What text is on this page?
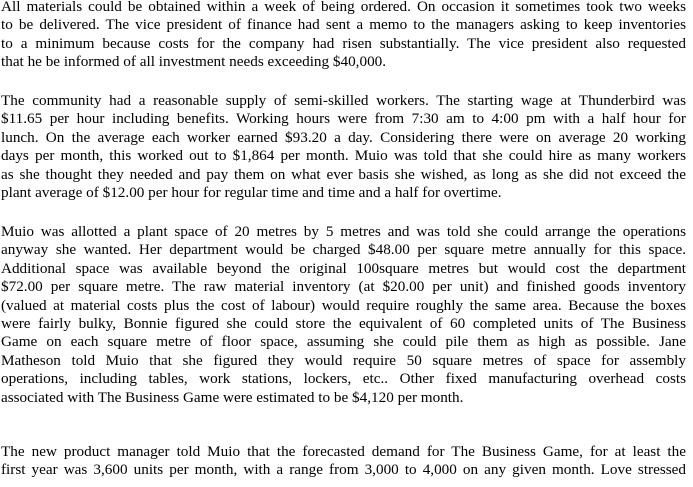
All materials could be obtained within a week of being ordered. On occasion it sometimes took two weeks
to be delivered. The vice president of finance had sent a memo to the managers asking to keep inventories
to a minimum because costs for the company had risen substantially. The vice president also requested
that he be informed of all investment needs exceeding $40,000.
The community had a reasonable supply of semi-skilled workers. The starting wage at Thunderbird was
$11.65 per hour including benefits. Working hours were from 7:30 am to 4:00 pm with a half hour for
lunch. On the average each worker earned $93.20 a day. Considering there were on average 20 working
days per month, this worked out to $1,864 per month. Muio was told that she could hire as many workers
as she thought they needed and pay them on what ever basis she wished, as long as she did not exceed the
plant average of $12.00 per hour for regular time and time and a half for overtime.
Muio was allotted a plant space of 20 metres by 5 metres and was told she could arrange the operations
anyway she wanted. Her department would be charged $48.00 per square metre annually for this space.
Additional space was available beyond the original 100square metres but would cost the department
$72.00 per square metre. The raw material inventory (at $20.00 per unit) and finished goods inventory
(valued at material costs plus the cost of labour) would require roughly the same area. Because the boxes
were fairly bulky, Bonnie figured she could store the equivalent of 60 completed units of The Business
Game on each square metre of floor space, assuming she could pile them as high as possible. Jane
Matheson told Muio that she figured they would require 50 square metres of space for assembly
operations, including tables, work stations, lockers, etc.. Other fixed manufacturing overhead costs
associated with The Business Game were estimated to be $4,120 per month.
The new product manager told Muio that the forecasted demand for The Business Game, for at least the
first year was 3,600 units per month, with a range from 3,000 to 4,000 on any given month. Love stressed
